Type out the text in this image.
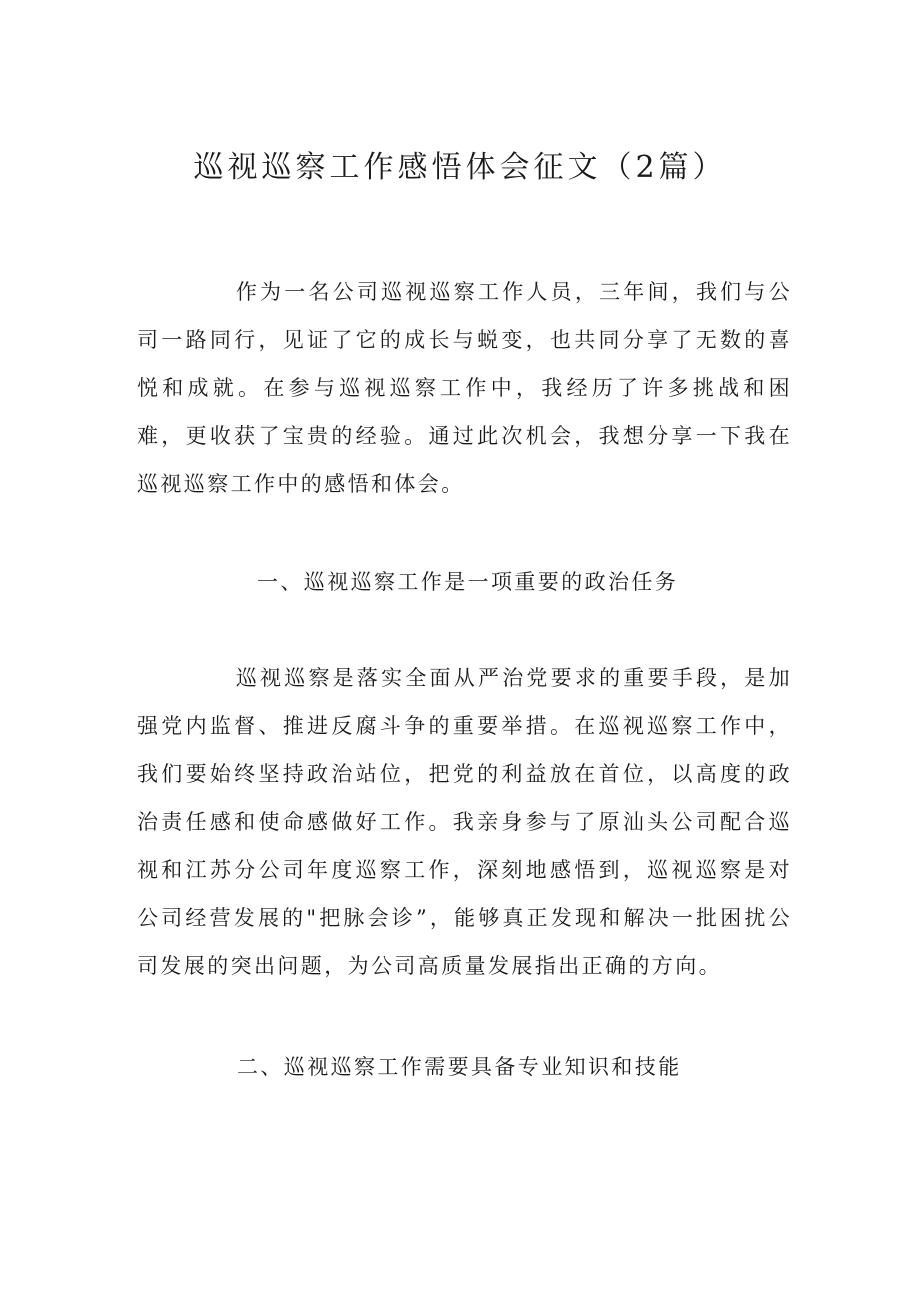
巡视巡察工作感悟体会征文（2篇）

作为一名公司巡视巡察工作人员，三年间，我们与公司一路同行，见证了它的成长与蜕变，也共同分享了无数的喜悦和成就。在参与巡视巡察工作中，我经历了许多挑战和困难，更收获了宝贵的经验。通过此次机会，我想分享一下我在巡视巡察工作中的感悟和体会。

一、巡视巡察工作是一项重要的政治任务

巡视巡察是落实全面从严治党要求的重要手段，是加强党内监督、推进反腐斗争的重要举措。在巡视巡察工作中，我们要始终坚持政治站位，把党的利益放在首位，以高度的政治责任感和使命感做好工作。我亲身参与了原汕头公司配合巡视和江苏分公司年度巡察工作，深刻地感悟到，巡视巡察是对公司经营发展的"把脉会诊”，能够真正发现和解决一批困扰公司发展的突出问题，为公司高质量发展指出正确的方向。

二、巡视巡察工作需要具备专业知识和技能
